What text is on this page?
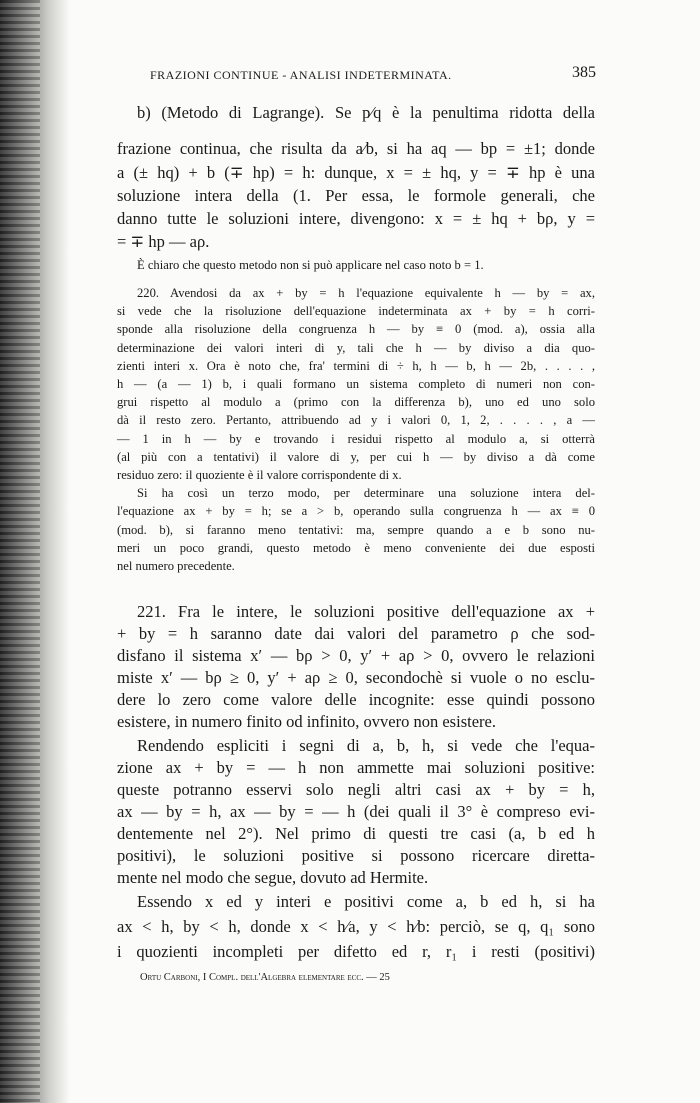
FRAZIONI CONTINUE - ANALISI INDETERMINATA.	385
b) (Metodo di Lagrange). Se p⁄q è la penultima ridotta della
frazione continua, che risulta da a⁄b, si ha aq — bp = ±1; donde
a (± hq) + b (∓ hp) = h: dunque, x = ± hq, y = ∓ hp è una
soluzione intera della (1. Per essa, le formole generali, che
danno tutte le soluzioni intere, divengono: x = ± hq + bρ, y =
= ∓ hp — aρ.
È chiaro che questo metodo non si può applicare nel caso noto b = 1.
220. Avendosi da ax + by = h l'equazione equivalente h — by = ax,
si vede che la risoluzione dell'equazione indeterminata ax + by = h corri-
sponde alla risoluzione della congruenza h — by ≡ 0 (mod. a), ossia alla
determinazione dei valori interi di y, tali che h — by diviso a dia quo-
zienti interi x. Ora è noto che, fra' termini di ÷ h, h — b, h — 2b, . . . . ,
h — (a — 1) b, i quali formano un sistema completo di numeri non con-
grui rispetto al modulo a (primo con la differenza b), uno ed uno solo
dà il resto zero. Pertanto, attribuendo ad y i valori 0, 1, 2, . . . . , a —
— 1 in h — by e trovando i residui rispetto al modulo a, si otterrà
(al più con a tentativi) il valore di y, per cui h — by diviso a dà come
residuo zero: il quoziente è il valore corrispondente di x.
Si ha così un terzo modo, per determinare una soluzione intera del-
l'equazione ax + by = h; se a > b, operando sulla congruenza h — ax ≡ 0
(mod. b), si faranno meno tentativi: ma, sempre quando a e b sono nu-
meri un poco grandi, questo metodo è meno conveniente dei due esposti
nel numero precedente.
221. Fra le intere, le soluzioni positive dell'equazione ax +
+ by = h saranno date dai valori del parametro ρ che sod-
disfano il sistema x′ — bρ > 0, y′ + aρ > 0, ovvero le relazioni
miste x′ — bρ ≥ 0, y′ + aρ ≥ 0, secondochè si vuole o no esclu-
dere lo zero come valore delle incognite: esse quindi possono
esistere, in numero finito od infinito, ovvero non esistere.
Rendendo espliciti i segni di a, b, h, si vede che l'equa-
zione ax + by = — h non ammette mai soluzioni positive:
queste potranno esservi solo negli altri casi ax + by = h,
ax — by = h, ax — by = — h (dei quali il 3° è compreso evi-
dentemente nel 2°). Nel primo di questi tre casi (a, b ed h
positivi), le soluzioni positive si possono ricercare diretta-
mente nel modo che segue, dovuto ad Hermite.
Essendo x ed y interi e positivi come a, b ed h, si ha
ax < h, by < h, donde x < h⁄a, y < h⁄b: perciò, se q, q₁ sono
i quozienti incompleti per difetto ed r, r₁ i resti (positivi)
Ortu Carboni, I Compl. dell'Algebra elementare ecc. — 25
